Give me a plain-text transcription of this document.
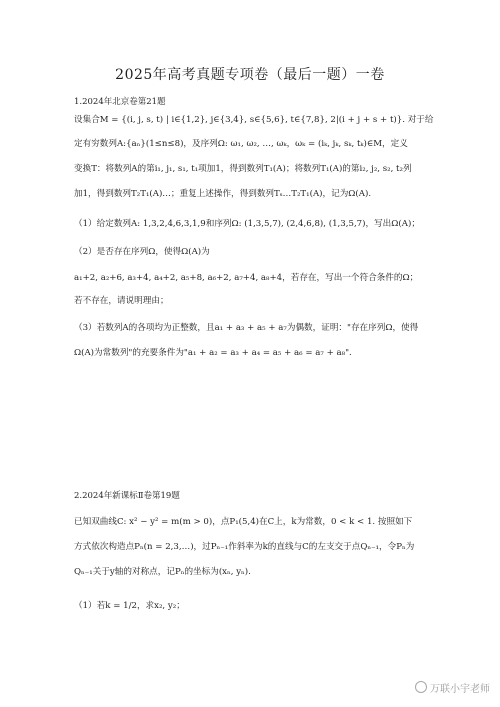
2025年高考真题专项卷（最后一题）一卷
1.2024年北京卷第21题
设集合M = {(i, j, s, t) | i∈{1,2}, j∈{3,4}, s∈{5,6}, t∈{7,8}, 2|(i + j + s + t)}. 对于给
定有穷数列A:{aₙ}(1≤n≤8)，及序列Ω: ω₁, ω₂, …, ωₖ，ωₖ = (iₖ, jₖ, sₖ, tₖ)∈M，定义
变换T：将数列A的第i₁, j₁, s₁, t₁项加1，得到数列T₁(A)；将数列T₁(A)的第i₂, j₂, s₂, t₂列
加1，得到数列T₂T₁(A)…；重复上述操作，得到数列Tₛ…T₂T₁(A)，记为Ω(A).
（1）给定数列A: 1,3,2,4,6,3,1,9和序列Ω: (1,3,5,7), (2,4,6,8), (1,3,5,7)，写出Ω(A)；
（2）是否存在序列Ω，使得Ω(A)为
a₁+2, a₂+6, a₃+4, a₄+2, a₅+8, a₆+2, a₇+4, a₈+4，若存在，写出一个符合条件的Ω；
若不存在，请说明理由；
（3）若数列A的各项均为正整数，且a₁ + a₃ + a₅ + a₇为偶数，证明："存在序列Ω，使得
Ω(A)为常数列"的充要条件为"a₁ + a₂ = a₃ + a₄ = a₅ + a₆ = a₇ + a₈".
2.2024年新课标Ⅱ卷第19题
已知双曲线C: x² − y² = m(m > 0)，点P₁(5,4)在C上，k为常数，0 < k < 1. 按照如下
方式依次构造点Pₙ(n = 2,3,…)，过Pₙ₋₁作斜率为k的直线与C的左支交于点Qₙ₋₁，令Pₙ为
Qₙ₋₁关于y轴的对称点，记Pₙ的坐标为(xₙ, yₙ).
（1）若k = 1/2，求x₂, y₂；
万联小宇老师
